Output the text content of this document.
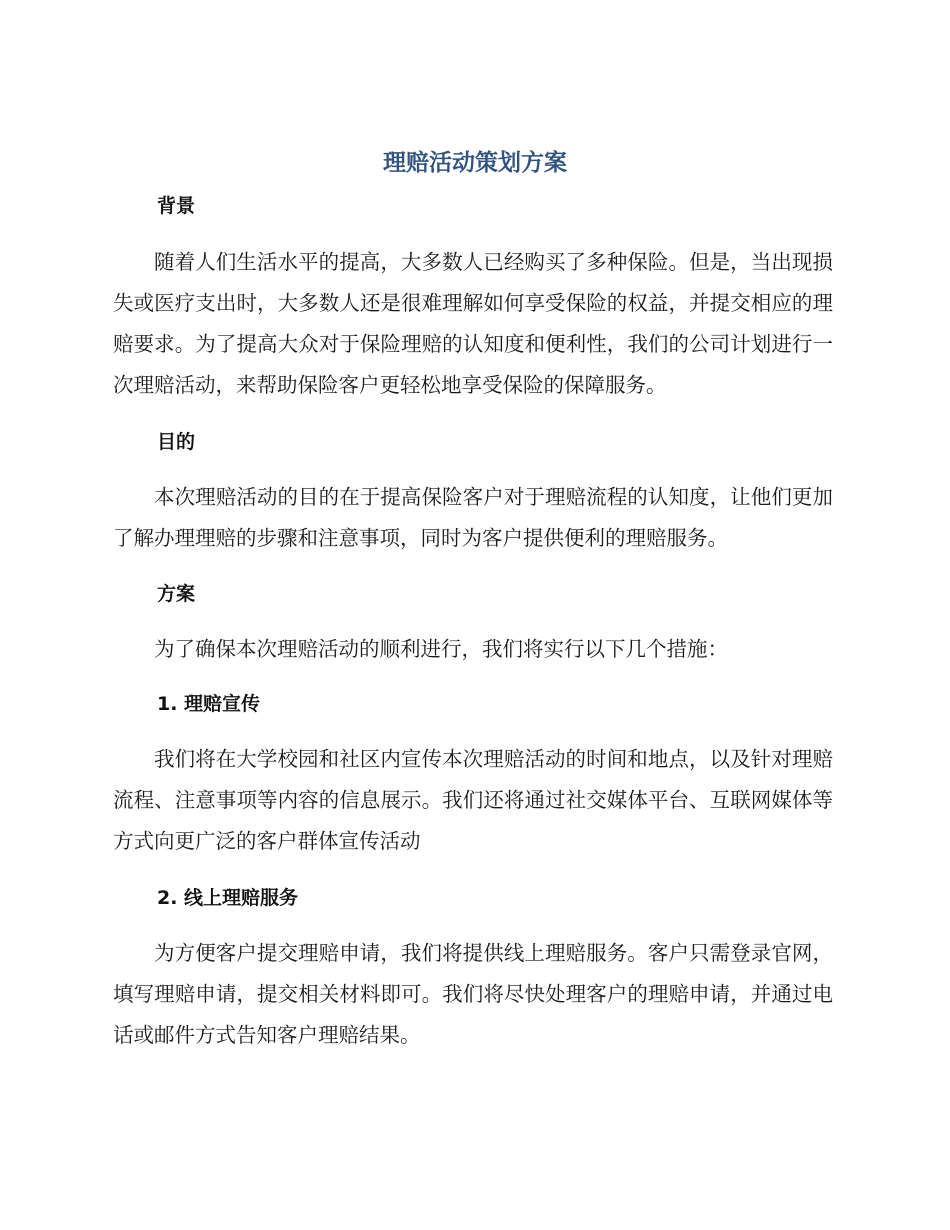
理赔活动策划方案
背景

随着人们生活水平的提高，大多数人已经购买了多种保险。但是，当出现损失或医疗支出时，大多数人还是很难理解如何享受保险的权益，并提交相应的理赔要求。为了提高大众对于保险理赔的认知度和便利性，我们的公司计划进行一次理赔活动，来帮助保险客户更轻松地享受保险的保障服务。

目的

本次理赔活动的目的在于提高保险客户对于理赔流程的认知度，让他们更加了解办理理赔的步骤和注意事项，同时为客户提供便利的理赔服务。

方案

为了确保本次理赔活动的顺利进行，我们将实行以下几个措施：

1. 理赔宣传

我们将在大学校园和社区内宣传本次理赔活动的时间和地点，以及针对理赔流程、注意事项等内容的信息展示。我们还将通过社交媒体平台、互联网媒体等方式向更广泛的客户群体宣传活动

2. 线上理赔服务

为方便客户提交理赔申请，我们将提供线上理赔服务。客户只需登录官网，填写理赔申请，提交相关材料即可。我们将尽快处理客户的理赔申请，并通过电话或邮件方式告知客户理赔结果。
